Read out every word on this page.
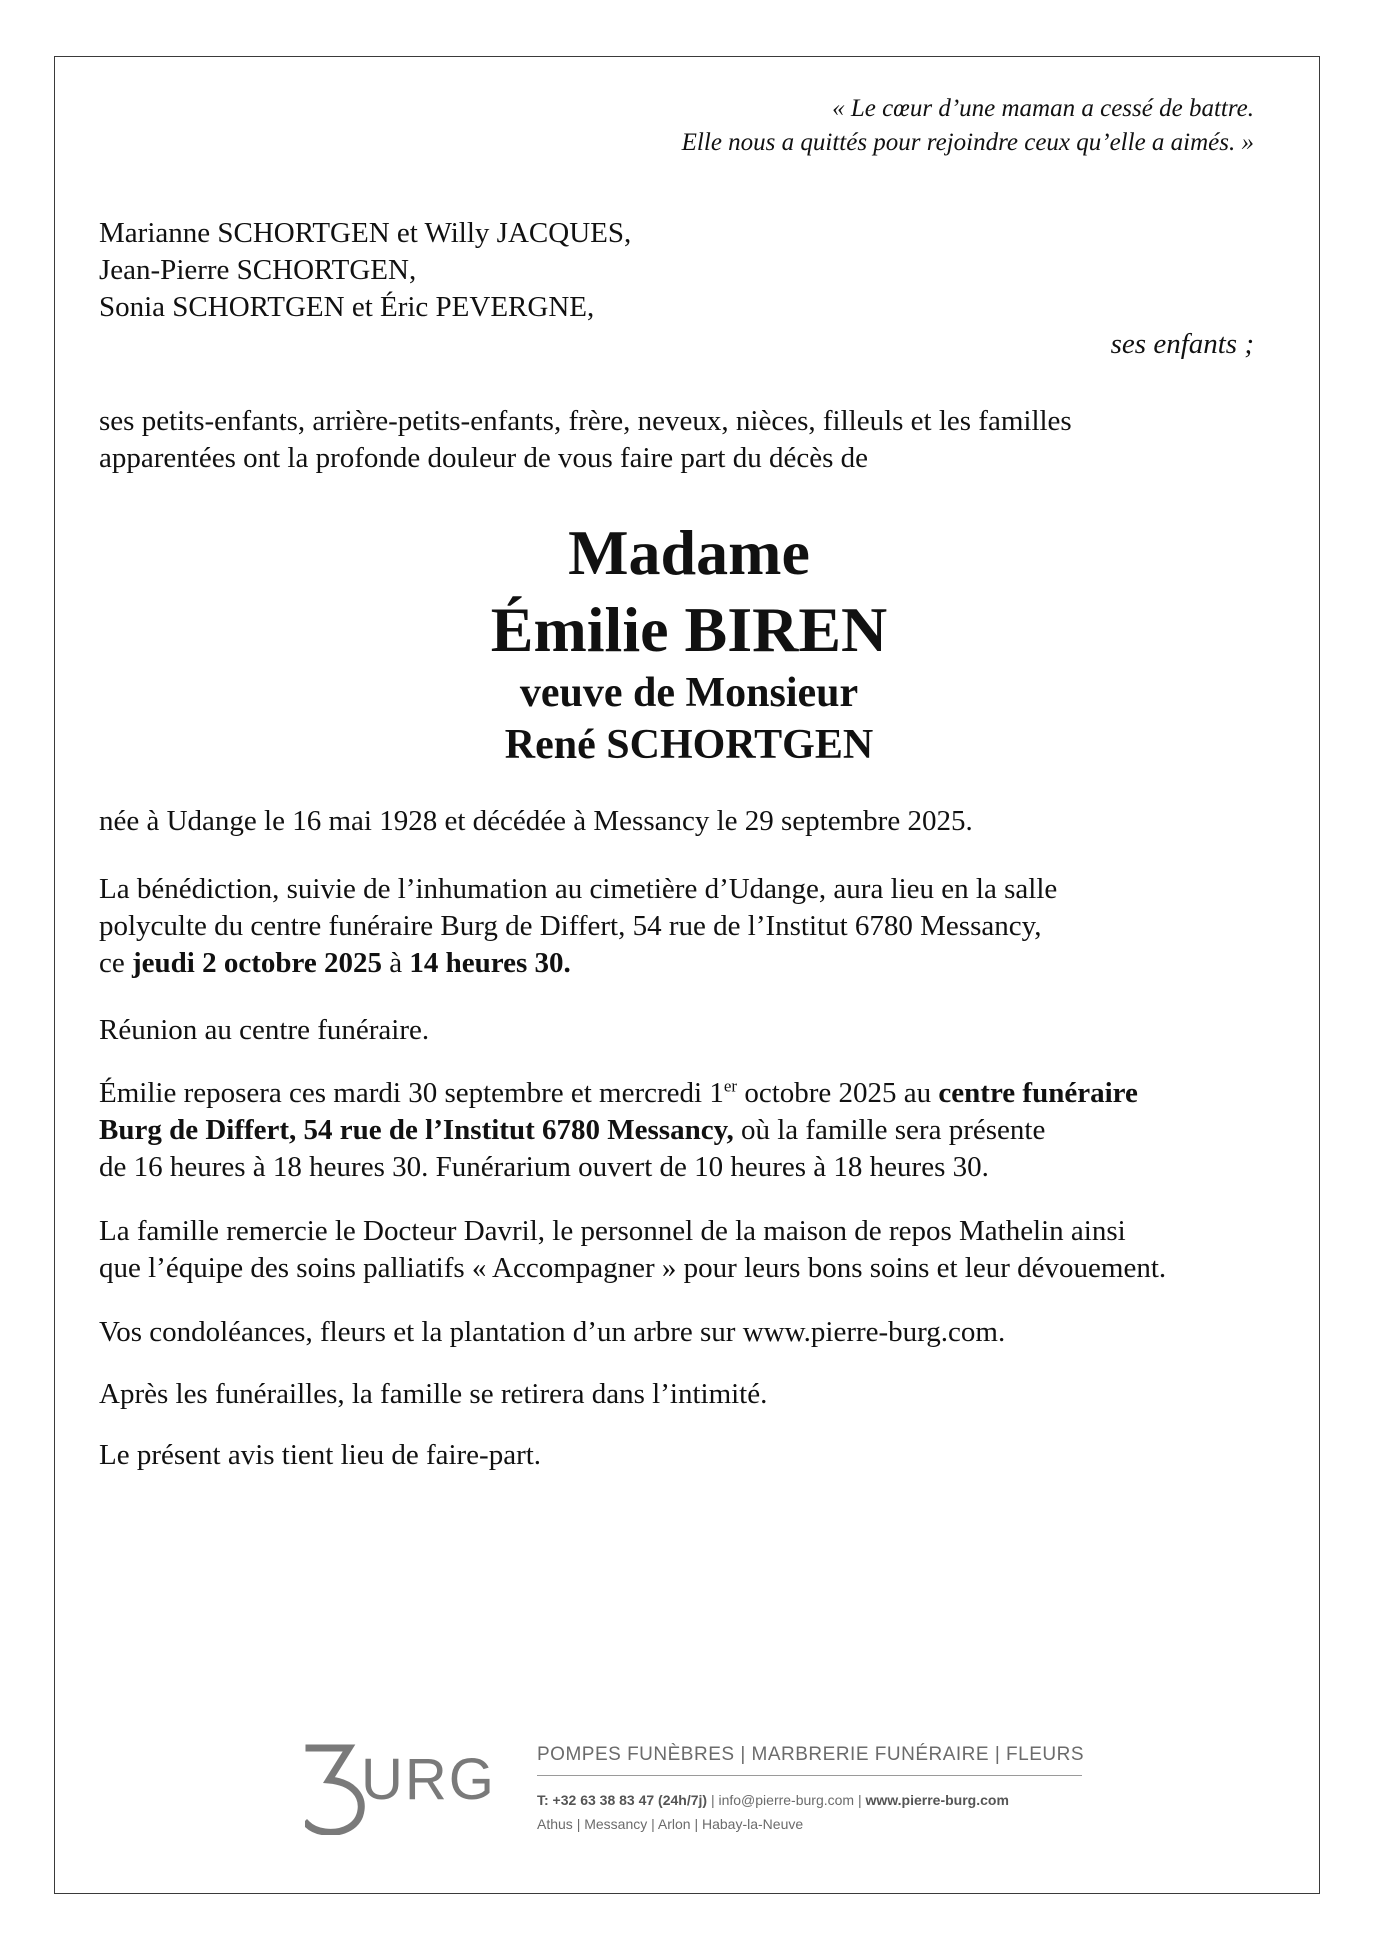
« Le cœur d’une maman a cessé de battre.
Elle nous a quittés pour rejoindre ceux qu’elle a aimés. »
Marianne SCHORTGEN et Willy JACQUES,
Jean-Pierre SCHORTGEN,
Sonia SCHORTGEN et Éric PEVERGNE,
ses enfants ;
ses petits-enfants, arrière-petits-enfants, frère, neveux, nièces, filleuls et les familles
apparentées ont la profonde douleur de vous faire part du décès de
Madame
Émilie BIREN
veuve de Monsieur
René SCHORTGEN
née à Udange le 16 mai 1928 et décédée à Messancy le 29 septembre 2025.
La bénédiction, suivie de l’inhumation au cimetière d’Udange, aura lieu en la salle
polyculte du centre funéraire Burg de Differt, 54 rue de l’Institut 6780 Messancy,
ce jeudi 2 octobre 2025 à 14 heures 30.
Réunion au centre funéraire.
Émilie reposera ces mardi 30 septembre et mercredi 1er octobre 2025 au centre funéraire
Burg de Differt, 54 rue de l’Institut 6780 Messancy, où la famille sera présente
de 16 heures à 18 heures 30. Funérarium ouvert de 10 heures à 18 heures 30.
La famille remercie le Docteur Davril, le personnel de la maison de repos Mathelin ainsi
que l’équipe des soins palliatifs « Accompagner » pour leurs bons soins et leur dévouement.
Vos condoléances, fleurs et la plantation d’un arbre sur www.pierre-burg.com.
Après les funérailles, la famille se retirera dans l’intimité.
Le présent avis tient lieu de faire-part.
URG POMPES FUNÈBRES | MARBRERIE FUNÉRAIRE | FLEURS
T: +32 63 38 83 47 (24h/7j) | info@pierre-burg.com | www.pierre-burg.com
Athus | Messancy | Arlon | Habay-la-Neuve
